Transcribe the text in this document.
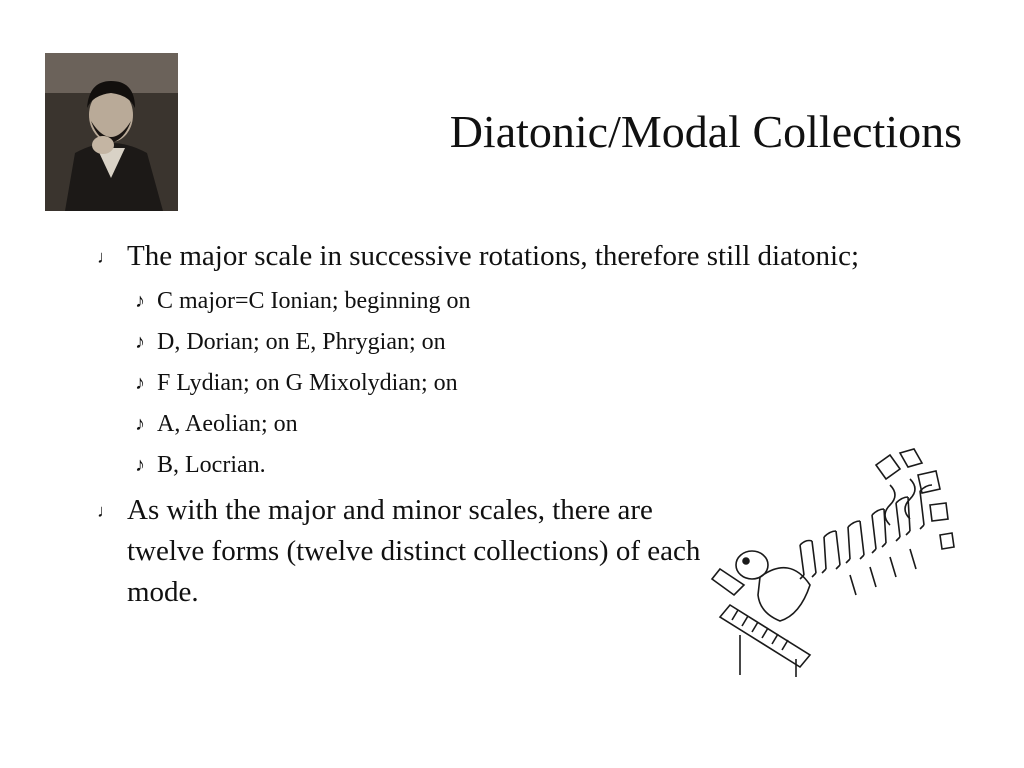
Diatonic/Modal Collections
♩ The major scale in successive rotations, therefore still diatonic;
♪ C major=C Ionian; beginning on
♪ D, Dorian; on E, Phrygian; on
♪ F Lydian; on G Mixolydian; on
♪ A, Aeolian; on
♪ B, Locrian.
♩ As with the major and minor scales, there are twelve forms (twelve distinct collections) of each mode.
